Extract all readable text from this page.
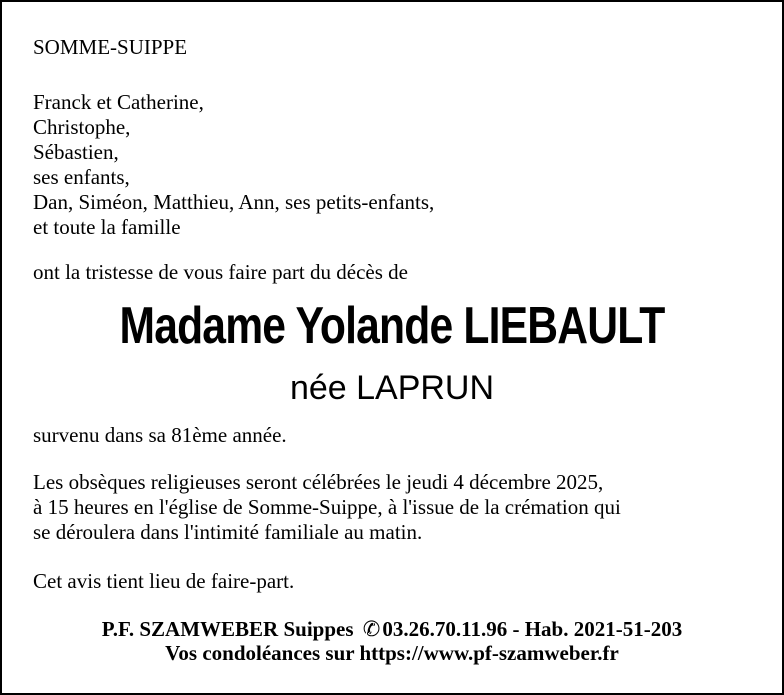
SOMME-SUIPPE
Franck et Catherine,
Christophe,
Sébastien,
ses enfants,
Dan, Siméon, Matthieu, Ann, ses petits-enfants,
et toute la famille
ont la tristesse de vous faire part du décès de
Madame Yolande LIEBAULT
née LAPRUN
survenu dans sa 81ème année.
Les obsèques religieuses seront célébrées le jeudi 4 décembre 2025,
à 15 heures en l'église de Somme-Suippe, à l'issue de la crémation qui
se déroulera dans l'intimité familiale au matin.
Cet avis tient lieu de faire-part.
P.F. SZAMWEBER Suippes ✆03.26.70.11.96 - Hab. 2021-51-203
Vos condoléances sur https://www.pf-szamweber.fr
